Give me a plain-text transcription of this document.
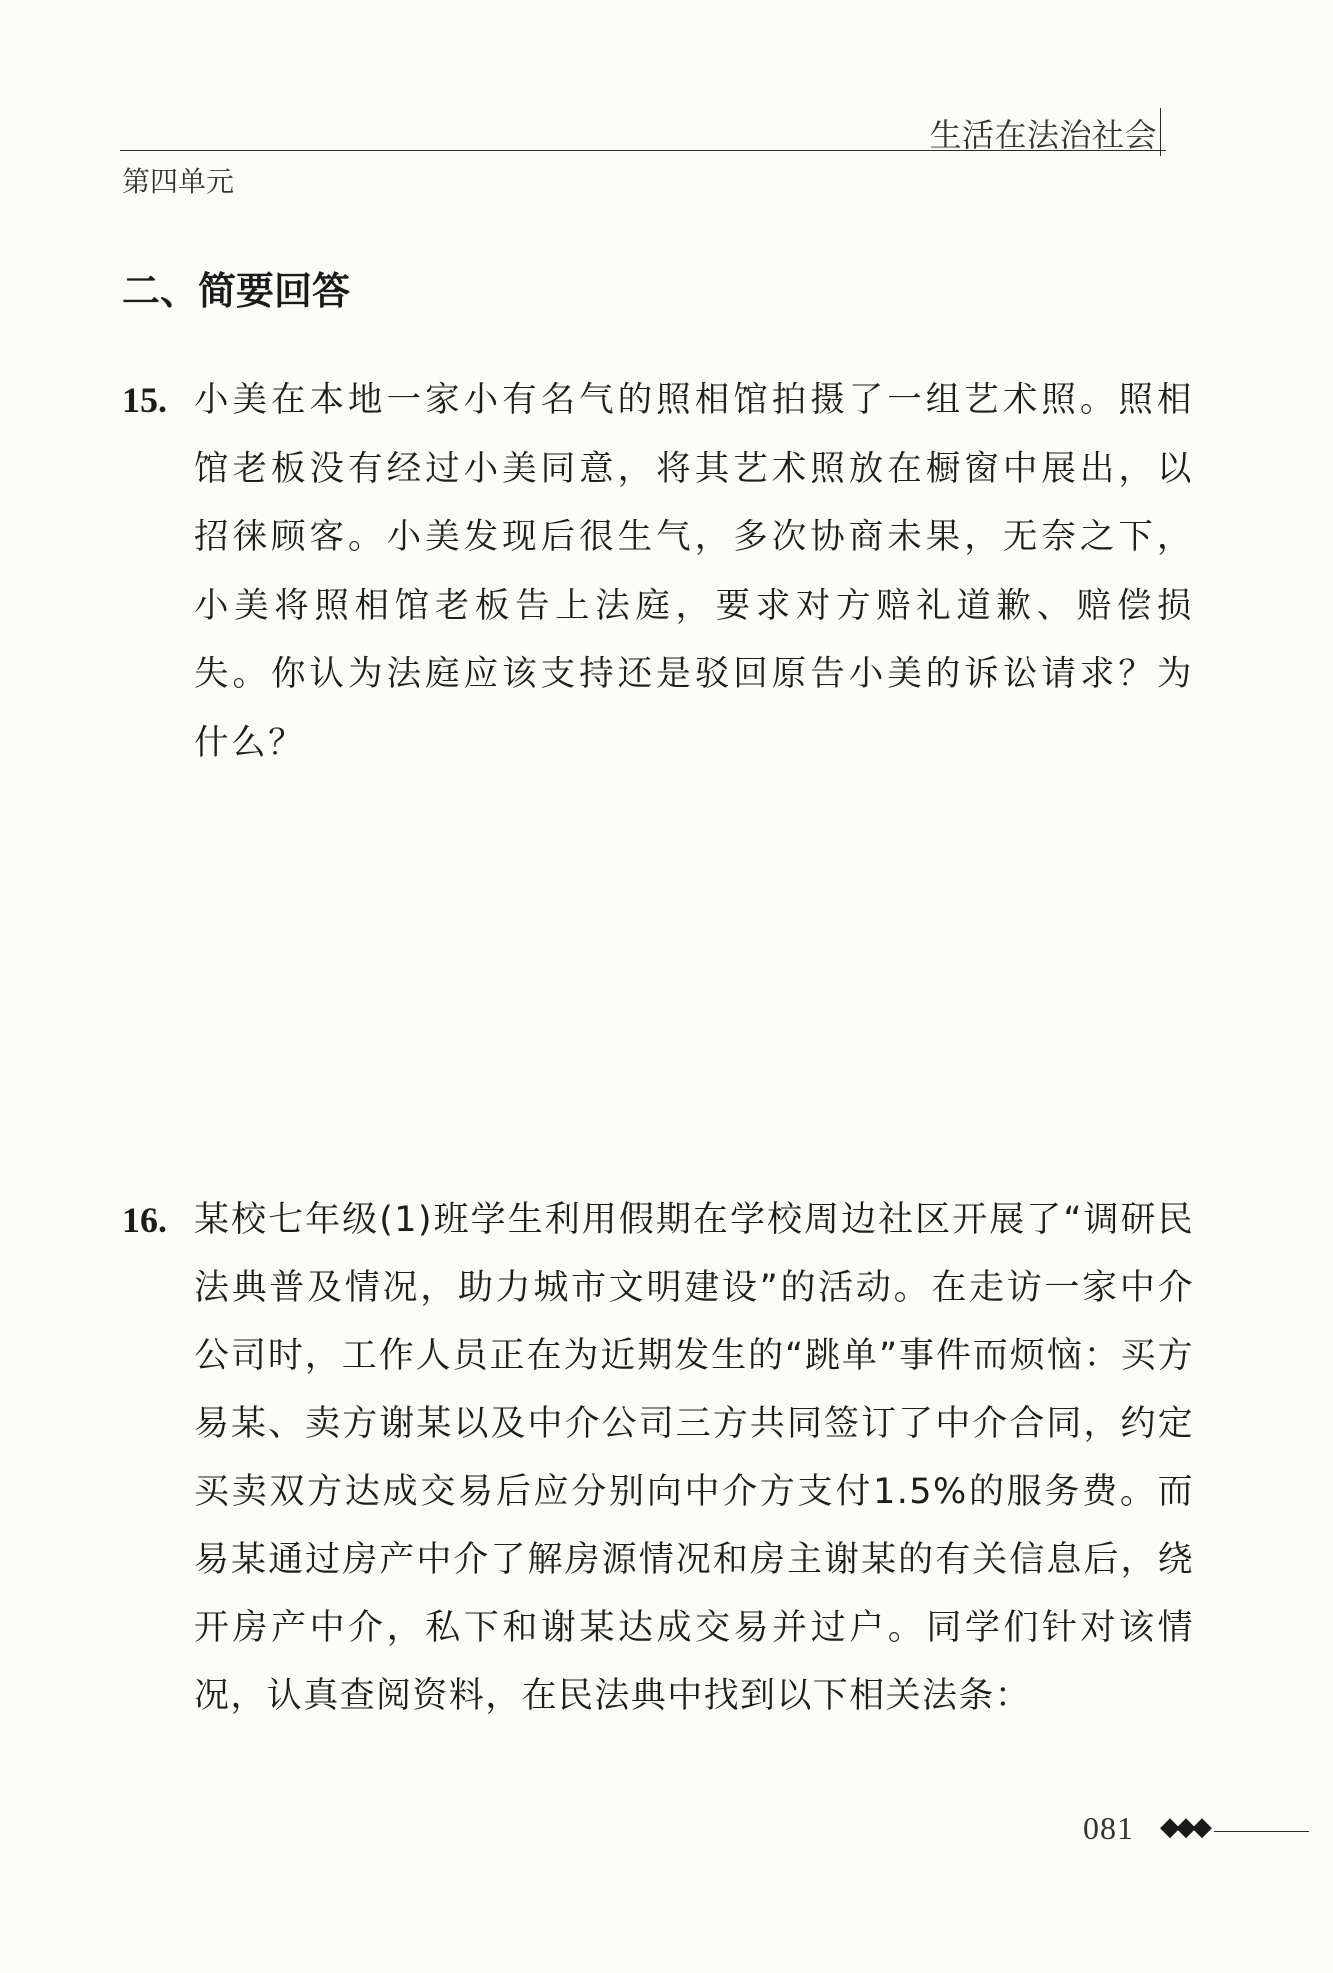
生活在法治社会
第四单元
二、简要回答
15. 小美在本地一家小有名气的照相馆拍摄了一组艺术照。照相馆老板没有经过小美同意，将其艺术照放在橱窗中展出，以招徕顾客。小美发现后很生气，多次协商未果，无奈之下，小美将照相馆老板告上法庭，要求对方赔礼道歉、赔偿损失。你认为法庭应该支持还是驳回原告小美的诉讼请求？为什么？
16. 某校七年级(1)班学生利用假期在学校周边社区开展了“调研民法典普及情况，助力城市文明建设”的活动。在走访一家中介公司时，工作人员正在为近期发生的“跳单”事件而烦恼：买方易某、卖方谢某以及中介公司三方共同签订了中介合同，约定买卖双方达成交易后应分别向中介方支付1.5%的服务费。而易某通过房产中介了解房源情况和房主谢某的有关信息后，绕开房产中介，私下和谢某达成交易并过户。同学们针对该情况，认真查阅资料，在民法典中找到以下相关法条：
081 ◆◆◆
